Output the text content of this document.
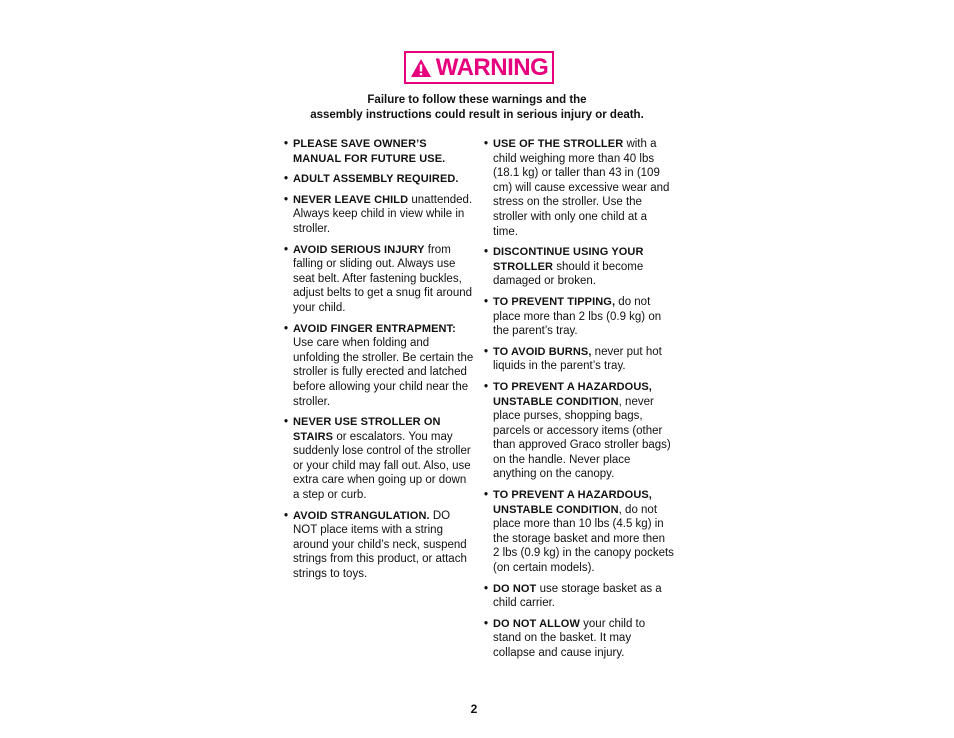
WARNING
Failure to follow these warnings and the
assembly instructions could result in serious injury or death.
• PLEASE SAVE OWNER’S MANUAL FOR FUTURE USE.
• ADULT ASSEMBLY REQUIRED.
• NEVER LEAVE CHILD unattended. Always keep child in view while in stroller.
• AVOID SERIOUS INJURY from falling or sliding out. Always use seat belt. After fastening buckles, adjust belts to get a snug fit around your child.
• AVOID FINGER ENTRAPMENT: Use care when folding and unfolding the stroller. Be certain the stroller is fully erected and latched before allowing your child near the stroller.
• NEVER USE STROLLER ON STAIRS or escalators. You may suddenly lose control of the stroller or your child may fall out. Also, use extra care when going up or down a step or curb.
• AVOID STRANGULATION. DO NOT place items with a string around your child’s neck, suspend strings from this product, or attach strings to toys.
• USE OF THE STROLLER with a child weighing more than 40 lbs (18.1 kg) or taller than 43 in (109 cm) will cause excessive wear and stress on the stroller. Use the stroller with only one child at a time.
• DISCONTINUE USING YOUR STROLLER should it become damaged or broken.
• TO PREVENT TIPPING, do not place more than 2 lbs (0.9 kg) on the parent’s tray.
• TO AVOID BURNS, never put hot liquids in the parent’s tray.
• TO PREVENT A HAZARDOUS, UNSTABLE CONDITION, never place purses, shopping bags, parcels or accessory items (other than approved Graco stroller bags) on the handle. Never place anything on the canopy.
• TO PREVENT A HAZARDOUS, UNSTABLE CONDITION, do not place more than 10 lbs (4.5 kg) in the storage basket and more then 2 lbs (0.9 kg) in the canopy pockets (on certain models).
• DO NOT use storage basket as a child carrier.
• DO NOT ALLOW your child to stand on the basket. It may collapse and cause injury.
2
